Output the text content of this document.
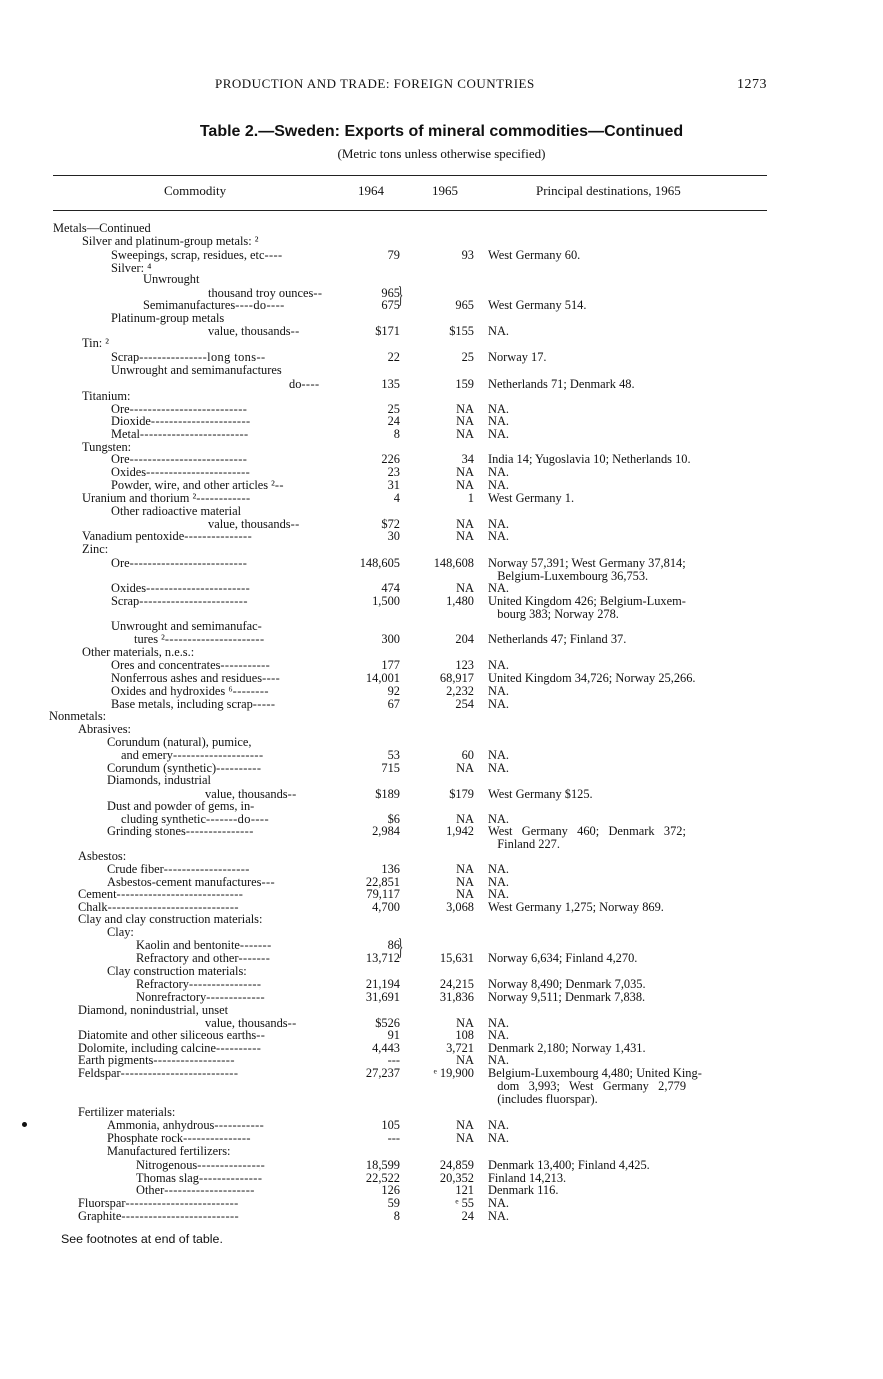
PRODUCTION AND TRADE: FOREIGN COUNTRIES	1273
Table 2.—Sweden: Exports of mineral commodities—Continued
(Metric tons unless otherwise specified)
Commodity	1964	1965	Principal destinations, 1965
Metals—Continued
Silver and platinum-group metals: ²
Sweepings, scrap, residues, etc----	79	93 West Germany 60.
Silver: ⁴
Unwrought
thousand troy ounces--	965
Semimanufactures----do----	675	965 West Germany 514.
Platinum-group metals
value, thousands--	$171	$155 NA.
Tin: ²
Scrap---------------long tons--	22	25 Norway 17.
Unwrought and semimanufactures
do----	135	159 Netherlands 71; Denmark 48.
Titanium:
Ore--------------------------	25	NA NA.
Dioxide----------------------	24	NA NA.
Metal------------------------	8	NA NA.
Tungsten:
Ore--------------------------	226	34 India 14; Yugoslavia 10; Netherlands 10.
Oxides-----------------------	23	NA NA.
Powder, wire, and other articles ²--	31	NA NA.
Uranium and thorium ²------------	4	1 West Germany 1.
Other radioactive material
value, thousands--	$72	NA NA.
Vanadium pentoxide---------------	30	NA NA.
Zinc:
Ore--------------------------	148,605	148,608 Norway 57,391; West Germany 37,814;
Belgium-Luxembourg 36,753.
Oxides-----------------------	474	NA NA.
Scrap------------------------	1,500	1,480 United Kingdom 426; Belgium-Luxem-
bourg 383; Norway 278.
Unwrought and semimanufac-
tures ²----------------------	300	204 Netherlands 47; Finland 37.
Other materials, n.e.s.:
Ores and concentrates-----------	177	123 NA.
Nonferrous ashes and residues----	14,001	68,917 United Kingdom 34,726; Norway 25,266.
Oxides and hydroxides ⁶--------	92	2,232 NA.
Base metals, including scrap-----	67	254 NA.
Nonmetals:
Abrasives:
Corundum (natural), pumice,
and emery--------------------	53	60 NA.
Corundum (synthetic)----------	715	NA NA.
Diamonds, industrial
value, thousands--	$189	$179 West Germany $125.
Dust and powder of gems, in-
cluding synthetic-------do----	$6	NA NA.
Grinding stones---------------	2,984	1,942 West   Germany   460;   Denmark   372;
Finland 227.
Asbestos:
Crude fiber-------------------	136	NA NA.
Asbestos-cement manufactures---	22,851	NA NA.
Cement----------------------------	79,117	NA NA.
Chalk-----------------------------	4,700	3,068 West Germany 1,275; Norway 869.
Clay and clay construction materials:
Clay:
Kaolin and bentonite-------	86
Refractory and other-------	13,712	15,631 Norway 6,634; Finland 4,270.
Clay construction materials:
Refractory----------------	21,194	24,215 Norway 8,490; Denmark 7,035.
Nonrefractory-------------	31,691	31,836 Norway 9,511; Denmark 7,838.
Diamond, nonindustrial, unset
value, thousands--	$526	NA NA.
Diatomite and other siliceous earths--	91	108 NA.
Dolomite, including calcine----------	4,443	3,721 Denmark 2,180; Norway 1,431.
Earth pigments------------------	---	NA NA.
Feldspar--------------------------	27,237	ᵉ 19,900 Belgium-Luxembourg 4,480; United King-
dom   3,993;   West   Germany   2,779
(includes fluorspar).
Fertilizer materials:
Ammonia, anhydrous-----------	105	NA NA.
Phosphate rock---------------	---	NA NA.
Manufactured fertilizers:
Nitrogenous---------------	18,599	24,859 Denmark 13,400; Finland 4,425.
Thomas slag--------------	22,522	20,352 Finland 14,213.
Other--------------------	126	121 Denmark 116.
Fluorspar-------------------------	59	ᵉ 55 NA.
Graphite--------------------------	8	24 NA.
}
}
See footnotes at end of table.
